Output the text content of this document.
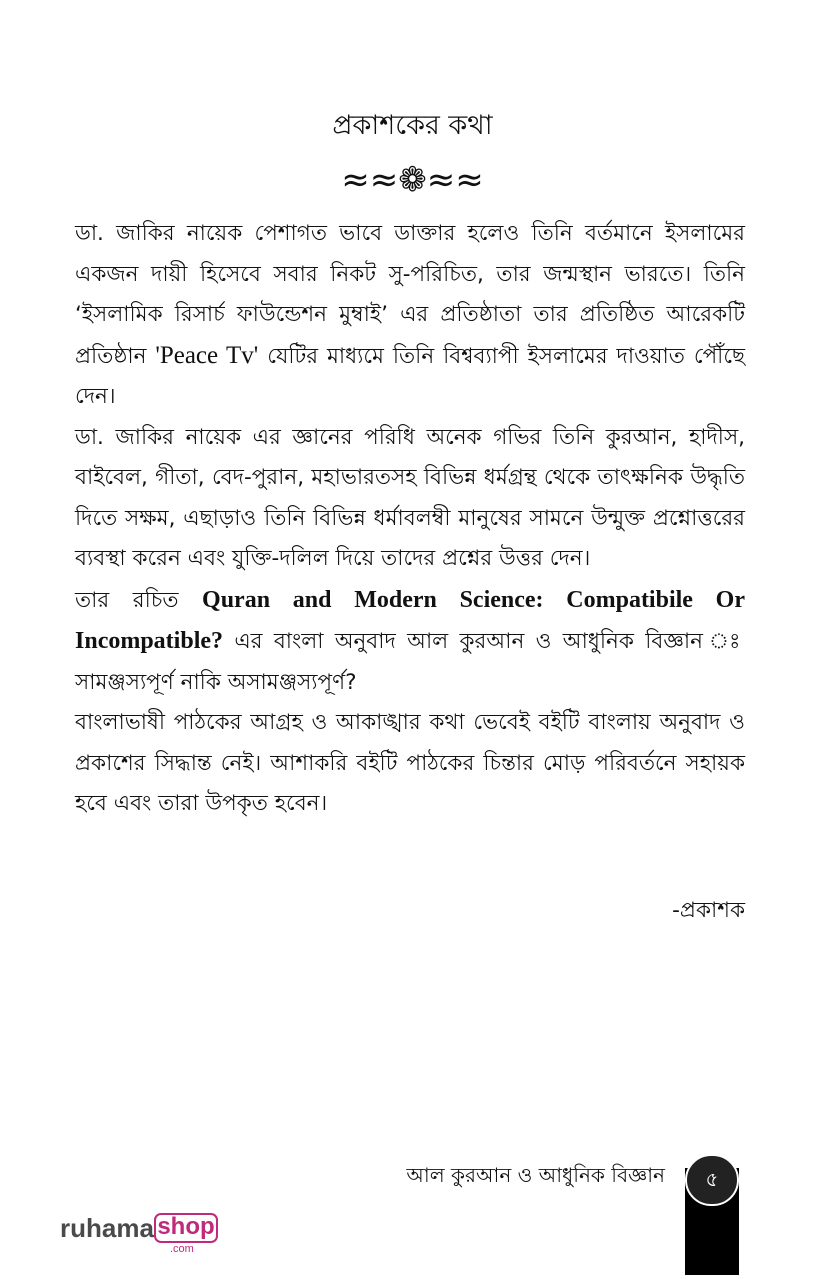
প্রকাশকের কথা
≈≈❁≈≈

ডা. জাকির নায়েক পেশাগত ভাবে ডাক্তার হলেও তিনি বর্তমানে ইসলামের একজন দায়ী হিসেবে সবার নিকট সু-পরিচিত, তার জন্মস্থান ভারতে। তিনি ‘ইসলামিক রিসার্চ ফাউন্ডেশন মুম্বাই’ এর প্রতিষ্ঠাতা তার প্রতিষ্ঠিত আরেকটি প্রতিষ্ঠান 'Peace Tv' যেটির মাধ্যমে তিনি বিশ্বব্যাপী ইসলামের দাওয়াত পৌঁছে দেন।

ডা. জাকির নায়েক এর জ্ঞানের পরিধি অনেক গভির তিনি কুরআন, হাদীস, বাইবেল, গীতা, বেদ-পুরান, মহাভারতসহ বিভিন্ন ধর্মগ্রন্থ থেকে তাৎক্ষনিক উদ্ধৃতি দিতে সক্ষম, এছাড়াও তিনি বিভিন্ন ধর্মাবলম্বী মানুষের সামনে উন্মুক্ত প্রশ্নোত্তরের ব্যবস্থা করেন এবং যুক্তি-দলিল দিয়ে তাদের প্রশ্নের উত্তর দেন।

তার রচিত Quran and Modern Science: Compatibile Or Incompatible? এর বাংলা অনুবাদ আল কুরআন ও আধুনিক বিজ্ঞান ঃ সামঞ্জস্যপূর্ণ নাকি অসামঞ্জস্যপূর্ণ?

বাংলাভাষী পাঠকের আগ্রহ ও আকাঙ্খার কথা ভেবেই বইটি বাংলায় অনুবাদ ও প্রকাশের সিদ্ধান্ত নেই। আশাকরি বইটি পাঠকের চিন্তার মোড় পরিবর্তনে সহায়ক হবে এবং তারা উপকৃত হবেন।

-প্রকাশক
আল কুরআন ও আধুনিক বিজ্ঞান	৫
ruhama shop
.com
